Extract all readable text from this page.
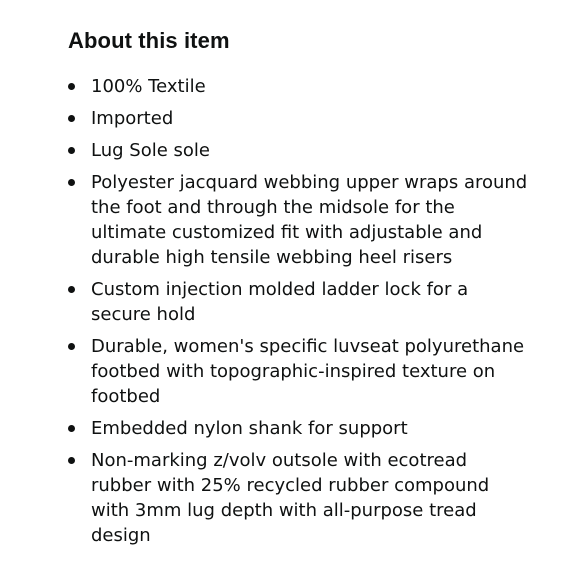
About this item
100% Textile
Imported
Lug Sole sole
Polyester jacquard webbing upper wraps around the foot and through the midsole for the ultimate customized fit with adjustable and durable high tensile webbing heel risers
Custom injection molded ladder lock for a secure hold
Durable, women's specific luvseat polyurethane footbed with topographic-inspired texture on footbed
Embedded nylon shank for support
Non-marking z/volv outsole with ecotread rubber with 25% recycled rubber compound with 3mm lug depth with all-purpose tread design
